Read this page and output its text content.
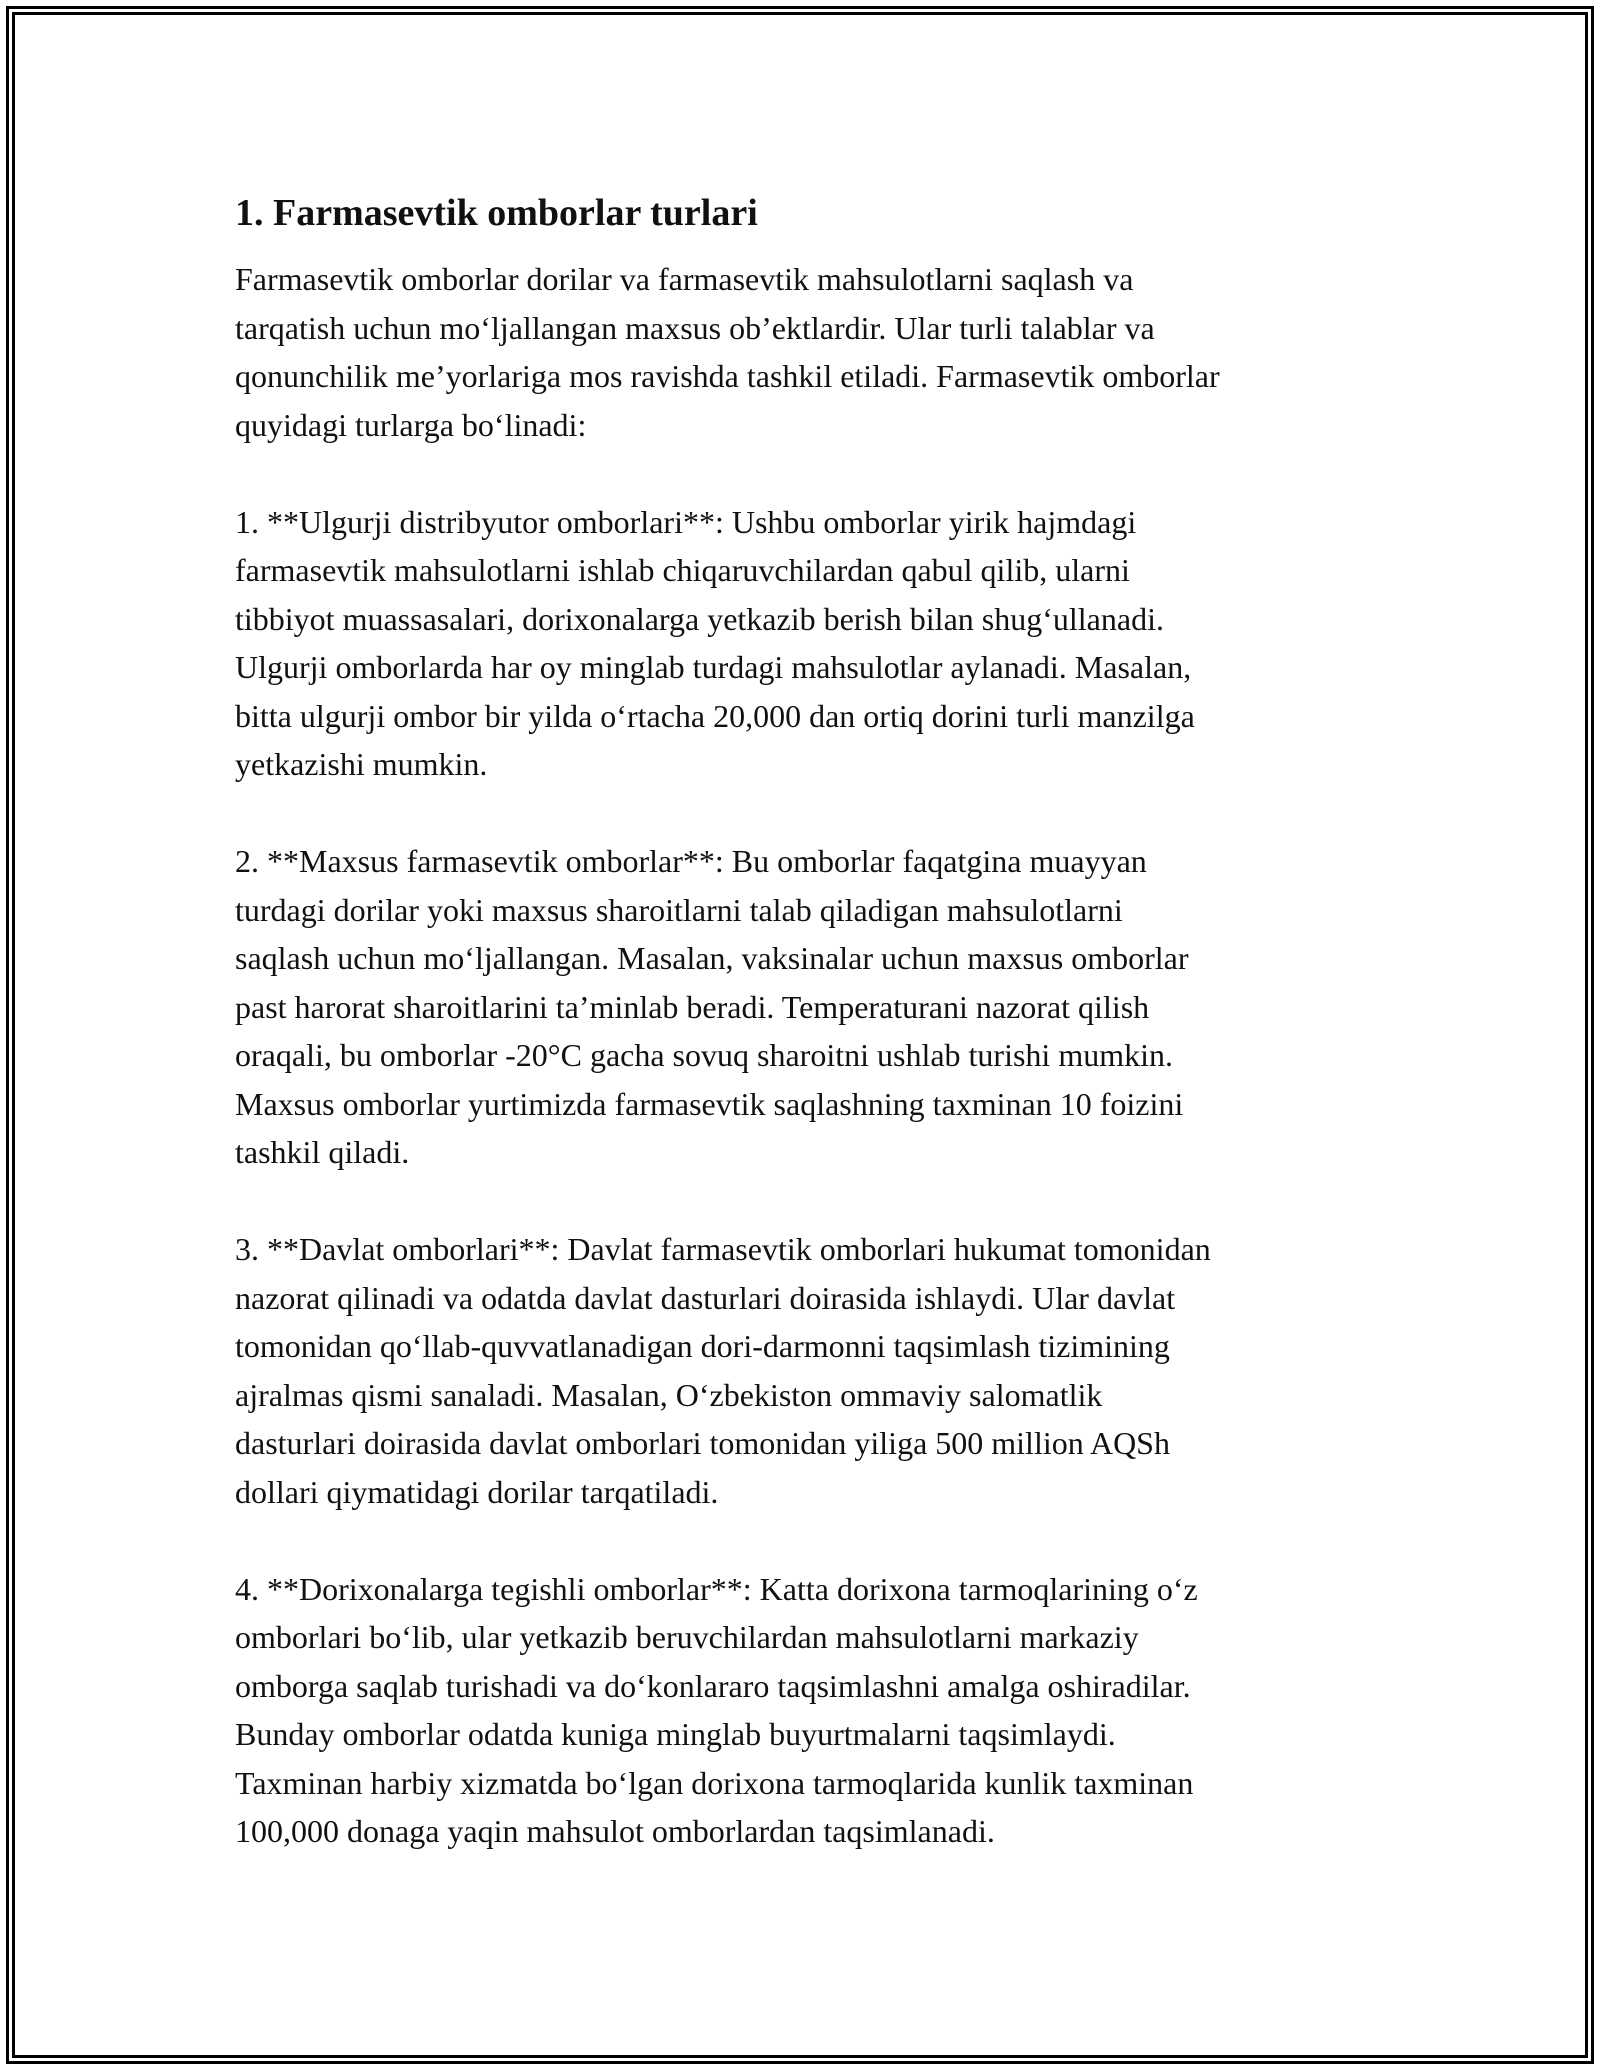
1. Farmasevtik omborlar turlari

Farmasevtik omborlar dorilar va farmasevtik mahsulotlarni saqlash va
tarqatish uchun mo‘ljallangan maxsus ob’ektlardir. Ular turli talablar va
qonunchilik me’yorlariga mos ravishda tashkil etiladi. Farmasevtik omborlar
quyidagi turlarga bo‘linadi:

1. **Ulgurji distribyutor omborlari**: Ushbu omborlar yirik hajmdagi
farmasevtik mahsulotlarni ishlab chiqaruvchilardan qabul qilib, ularni
tibbiyot muassasalari, dorixonalarga yetkazib berish bilan shug‘ullanadi.
Ulgurji omborlarda har oy minglab turdagi mahsulotlar aylanadi. Masalan,
bitta ulgurji ombor bir yilda o‘rtacha 20,000 dan ortiq dorini turli manzilga
yetkazishi mumkin.

2. **Maxsus farmasevtik omborlar**: Bu omborlar faqatgina muayyan
turdagi dorilar yoki maxsus sharoitlarni talab qiladigan mahsulotlarni
saqlash uchun mo‘ljallangan. Masalan, vaksinalar uchun maxsus omborlar
past harorat sharoitlarini ta’minlab beradi. Temperaturani nazorat qilish
oraqali, bu omborlar -20°C gacha sovuq sharoitni ushlab turishi mumkin.
Maxsus omborlar yurtimizda farmasevtik saqlashning taxminan 10 foizini
tashkil qiladi.

3. **Davlat omborlari**: Davlat farmasevtik omborlari hukumat tomonidan
nazorat qilinadi va odatda davlat dasturlari doirasida ishlaydi. Ular davlat
tomonidan qo‘llab-quvvatlanadigan dori-darmonni taqsimlash tizimining
ajralmas qismi sanaladi. Masalan, O‘zbekiston ommaviy salomatlik
dasturlari doirasida davlat omborlari tomonidan yiliga 500 million AQSh
dollari qiymatidagi dorilar tarqatiladi.

4. **Dorixonalarga tegishli omborlar**: Katta dorixona tarmoqlarining o‘z
omborlari bo‘lib, ular yetkazib beruvchilardan mahsulotlarni markaziy
omborga saqlab turishadi va do‘konlararo taqsimlashni amalga oshiradilar.
Bunday omborlar odatda kuniga minglab buyurtmalarni taqsimlaydi.
Taxminan harbiy xizmatda bo‘lgan dorixona tarmoqlarida kunlik taxminan
100,000 donaga yaqin mahsulot omborlardan taqsimlanadi.
